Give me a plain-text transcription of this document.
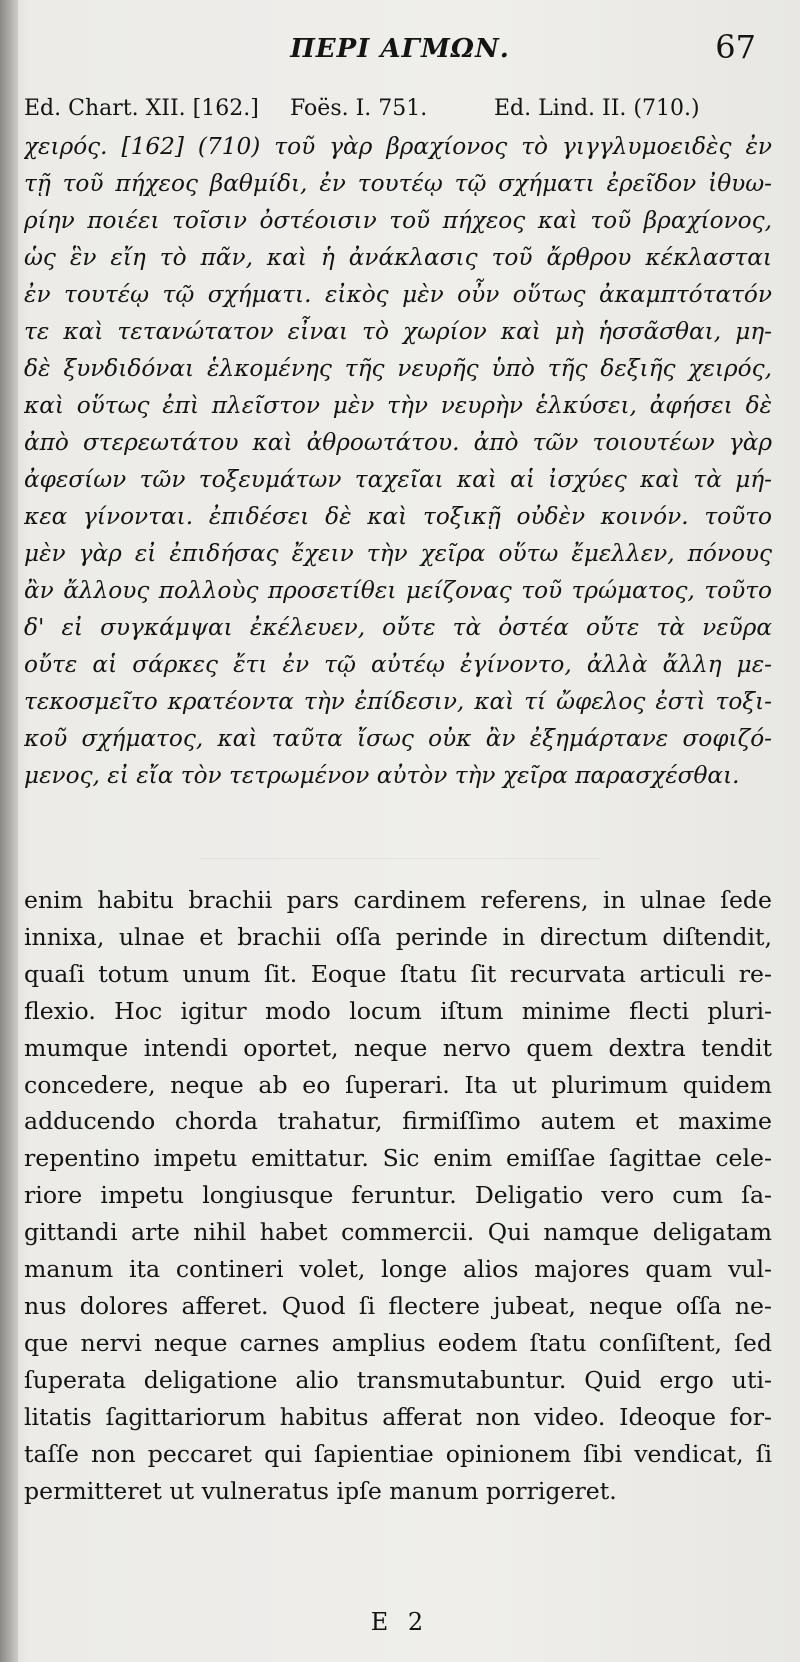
ΠΕΡΙ ΑΓΜΩΝ.	67
Ed. Chart. XII. [162.] Foës. I. 751.	Ed. Lind. II. (710.)
χειρός. [162] (710) τοῦ γὰρ βραχίονος τὸ γιγγλυμοειδὲς ἐν
τῇ τοῦ πήχεος βαθμίδι, ἐν τουτέῳ τῷ σχήματι ἐρεῖδον ἰθυω-
ρίην ποιέει τοῖσιν ὀστέοισιν τοῦ πήχεος καὶ τοῦ βραχίονος,
ὡς ἓν εἴη τὸ πᾶν, καὶ ἡ ἀνάκλασις τοῦ ἄρθρου κέκλασται
ἐν τουτέῳ τῷ σχήματι. εἰκὸς μὲν οὖν οὕτως ἀκαμπτότατόν
τε καὶ τετανώτατον εἶναι τὸ χωρίον καὶ μὴ ἡσσᾶσθαι, μη-
δὲ ξυνδιδόναι ἑλκομένης τῆς νευρῆς ὑπὸ τῆς δεξιῆς χειρός,
καὶ οὕτως ἐπὶ πλεῖστον μὲν τὴν νευρὴν ἑλκύσει, ἀφήσει δὲ
ἀπὸ στερεωτάτου καὶ ἀθροωτάτου. ἀπὸ τῶν τοιουτέων γὰρ
ἀφεσίων τῶν τοξευμάτων ταχεῖαι καὶ αἱ ἰσχύες καὶ τὰ μή-
κεα γίνονται. ἐπιδέσει δὲ καὶ τοξικῇ οὐδὲν κοινόν. τοῦτο
μὲν γὰρ εἰ ἐπιδήσας ἔχειν τὴν χεῖρα οὕτω ἔμελλεν, πόνους
ἂν ἄλλους πολλοὺς προσετίθει μείζονας τοῦ τρώματος, τοῦτο
δ' εἰ συγκάμψαι ἐκέλευεν, οὔτε τὰ ὀστέα οὔτε τὰ νεῦρα
οὔτε αἱ σάρκες ἔτι ἐν τῷ αὐτέῳ ἐγίνοντο, ἀλλὰ ἄλλη με-
τεκοσμεῖτο κρατέοντα τὴν ἐπίδεσιν, καὶ τί ὤφελος ἐστὶ τοξι-
κοῦ σχήματος, καὶ ταῦτα ἴσως οὐκ ἂν ἐξημάρτανε σοφιζό-
μενος, εἰ εἴα τὸν τετρωμένον αὐτὸν τὴν χεῖρα παρασχέσθαι.
enim habitu brachii pars cardinem referens, in ulnae ſede
innixa, ulnae et brachii oſſa perinde in directum diſtendit,
quaſi totum unum ſit. Eoque ſtatu ſit recurvata articuli re-
flexio. Hoc igitur modo locum iſtum minime flecti pluri-
mumque intendi oportet, neque nervo quem dextra tendit
concedere, neque ab eo ſuperari. Ita ut plurimum quidem
adducendo chorda trahatur, firmiſſimo autem et maxime
repentino impetu emittatur. Sic enim emiſſae ſagittae cele-
riore impetu longiusque feruntur. Deligatio vero cum ſa-
gittandi arte nihil habet commercii. Qui namque deligatam
manum ita contineri volet, longe alios majores quam vul-
nus dolores afferet. Quod ſi flectere jubeat, neque oſſa ne-
que nervi neque carnes amplius eodem ſtatu conſiſtent, ſed
ſuperata deligatione alio transmutabuntur. Quid ergo uti-
litatis ſagittariorum habitus afferat non video. Ideoque for-
taſſe non peccaret qui ſapientiae opinionem ſibi vendicat, ſi
permitteret ut vulneratus ipſe manum porrigeret.
E 2
